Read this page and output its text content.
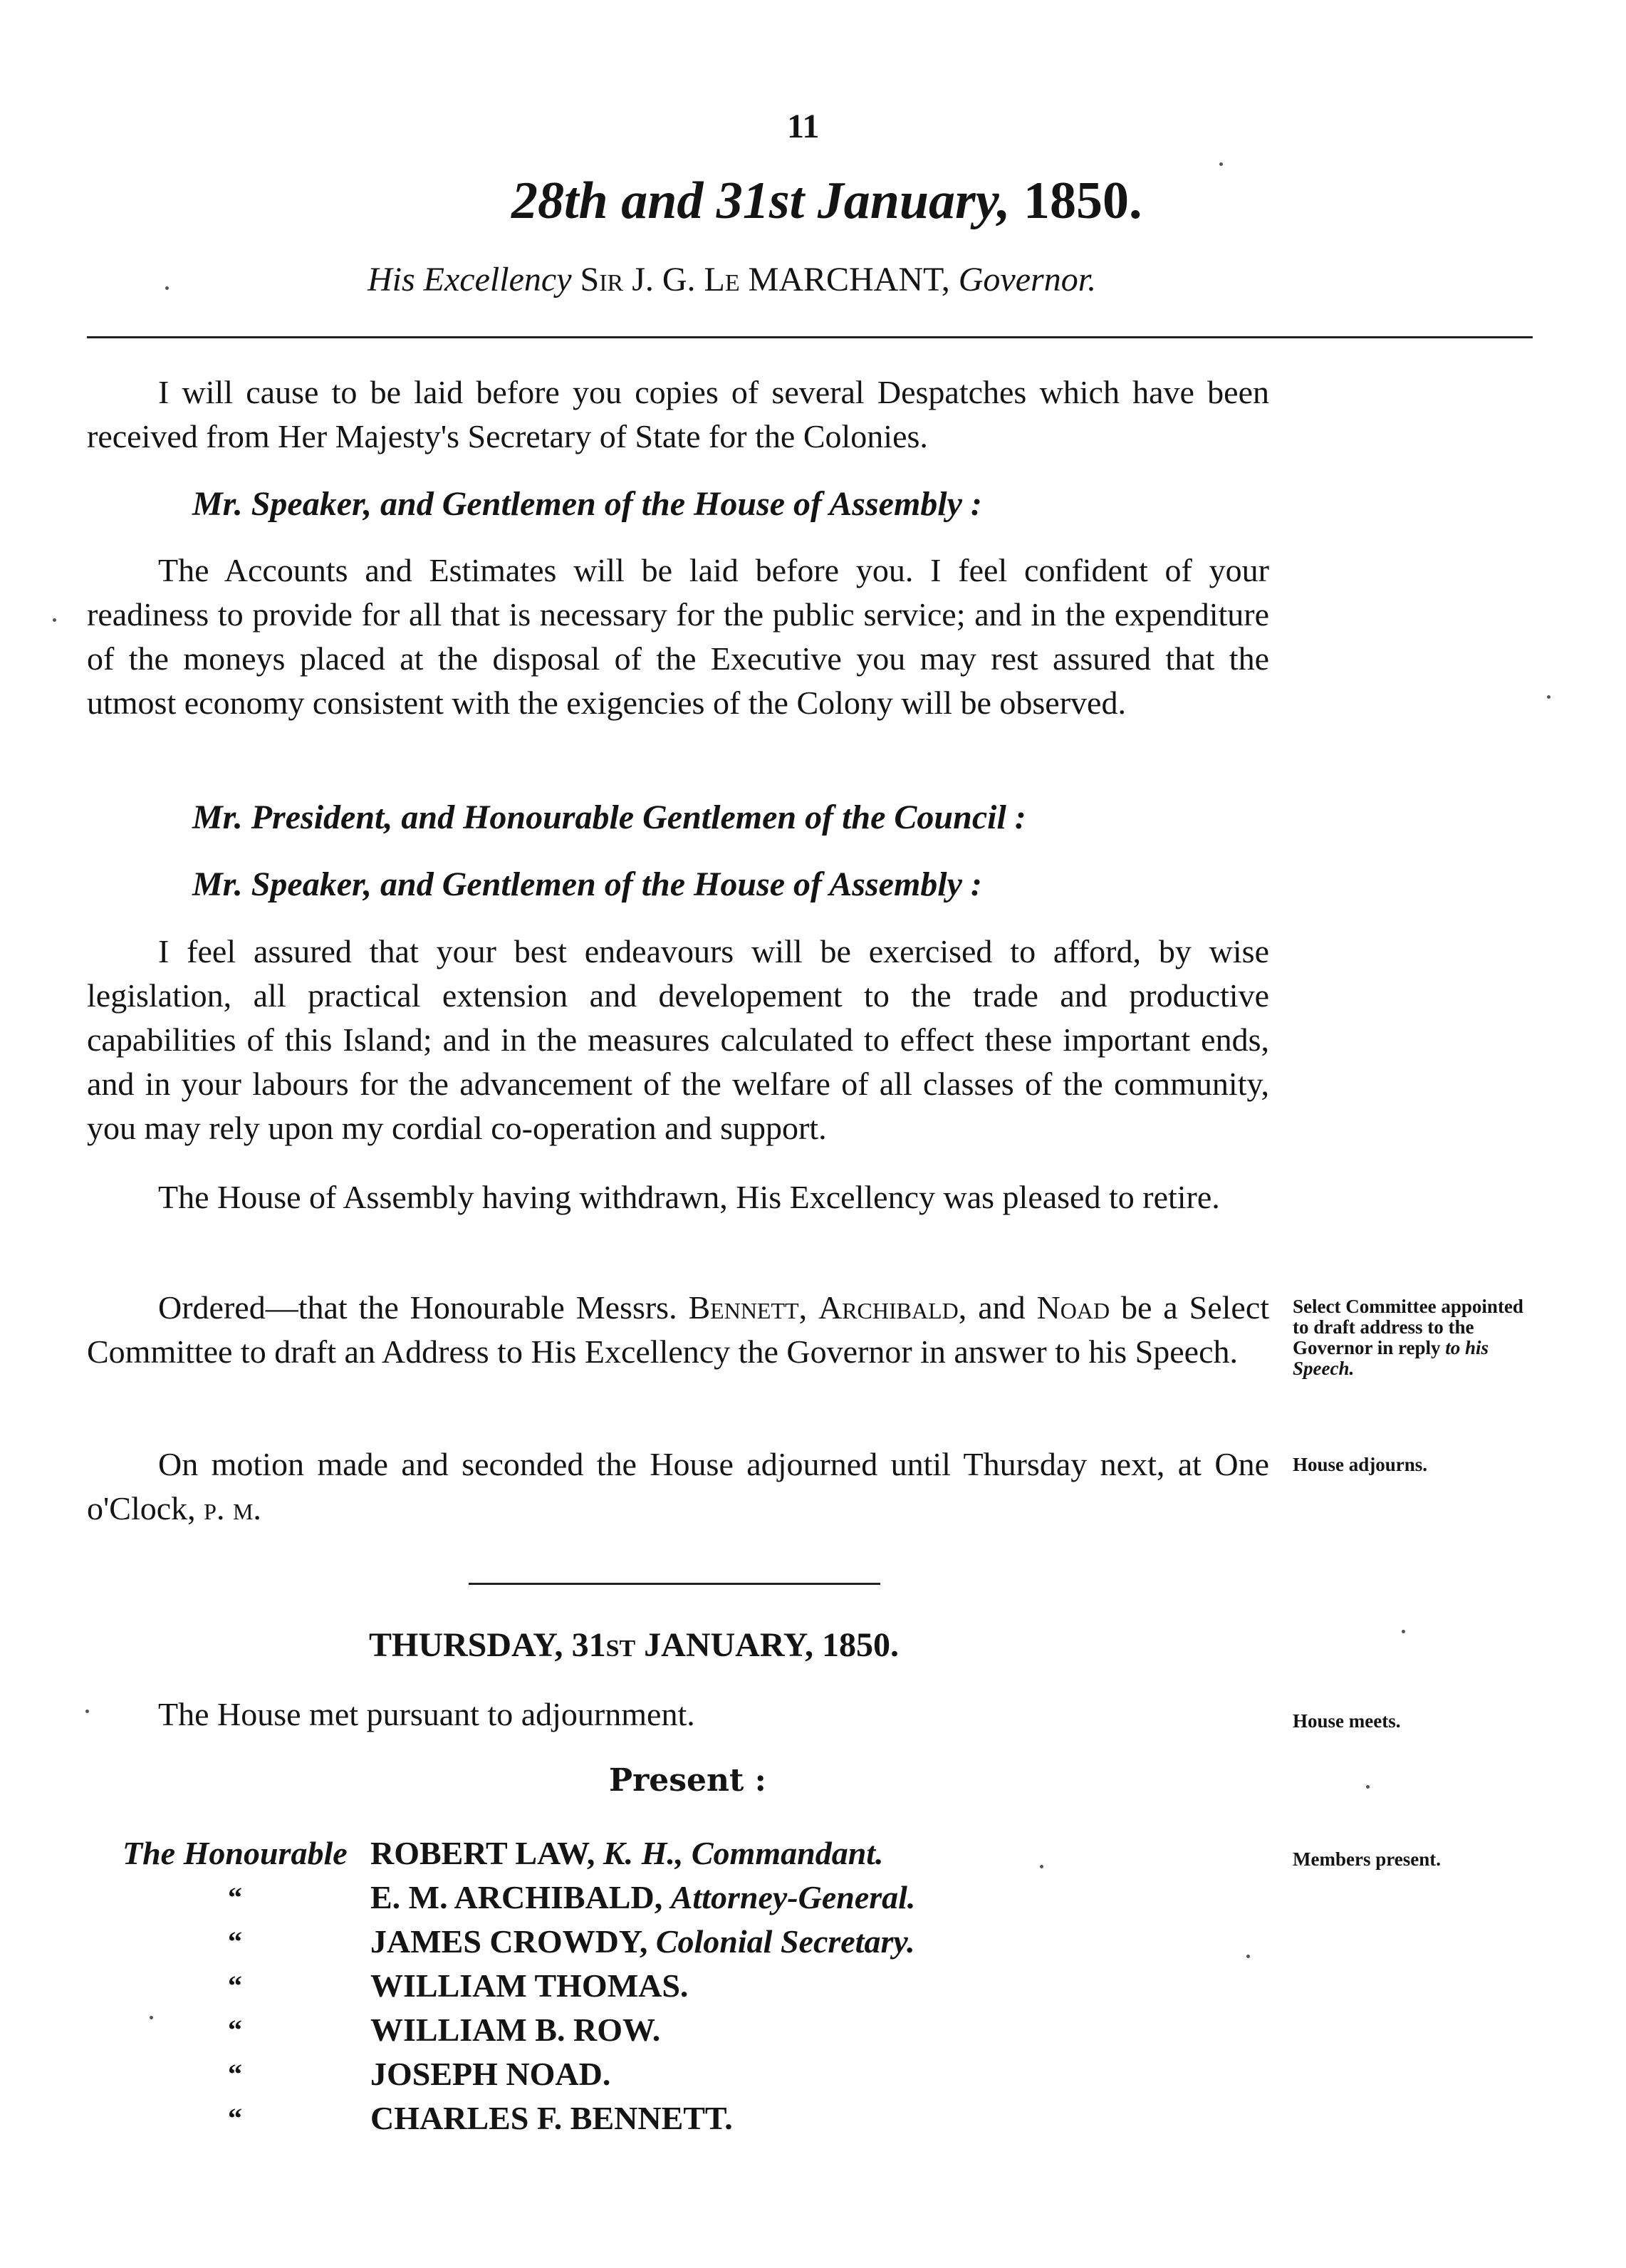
11
28th and 31st January, 1850.
His Excellency Sir J. G. Le MARCHANT, Governor.

I will cause to be laid before you copies of several Despatches which have been received from Her Majesty's Secretary of State for the Colonies.

Mr. Speaker, and Gentlemen of the House of Assembly :

The Accounts and Estimates will be laid before you. I feel confident of your readiness to provide for all that is necessary for the public service; and in the expenditure of the moneys placed at the disposal of the Executive you may rest assured that the utmost economy consistent with the exigencies of the Colony will be observed.

Mr. President, and Honourable Gentlemen of the Council :
Mr. Speaker, and Gentlemen of the House of Assembly :

I feel assured that your best endeavours will be exercised to afford, by wise legislation, all practical extension and developement to the trade and productive capabilities of this Island; and in the measures calculated to effect these important ends, and in your labours for the advancement of the welfare of all classes of the community, you may rely upon my cordial co-operation and support.

The House of Assembly having withdrawn, His Excellency was pleased to retire.

Ordered—that the Honourable Messrs. Bennett, Archibald, and Noad be a Select Committee to draft an Address to His Excellency the Governor in answer to his Speech.

On motion made and seconded the House adjourned until Thursday next, at One o'Clock, p. m.

THURSDAY, 31st JANUARY, 1850.

The House met pursuant to adjournment.

Present :
The Honourable ROBERT LAW, K. H., Commandant.
“	E. M. ARCHIBALD, Attorney-General.
“	JAMES CROWDY, Colonial Secretary.
“	WILLIAM THOMAS.
“	WILLIAM B. ROW.
“	JOSEPH NOAD.
“	CHARLES F. BENNETT.
Select Committee appointed to draft address to the Governor in reply to his Speech.
House adjourns.
House meets.
Members present.
